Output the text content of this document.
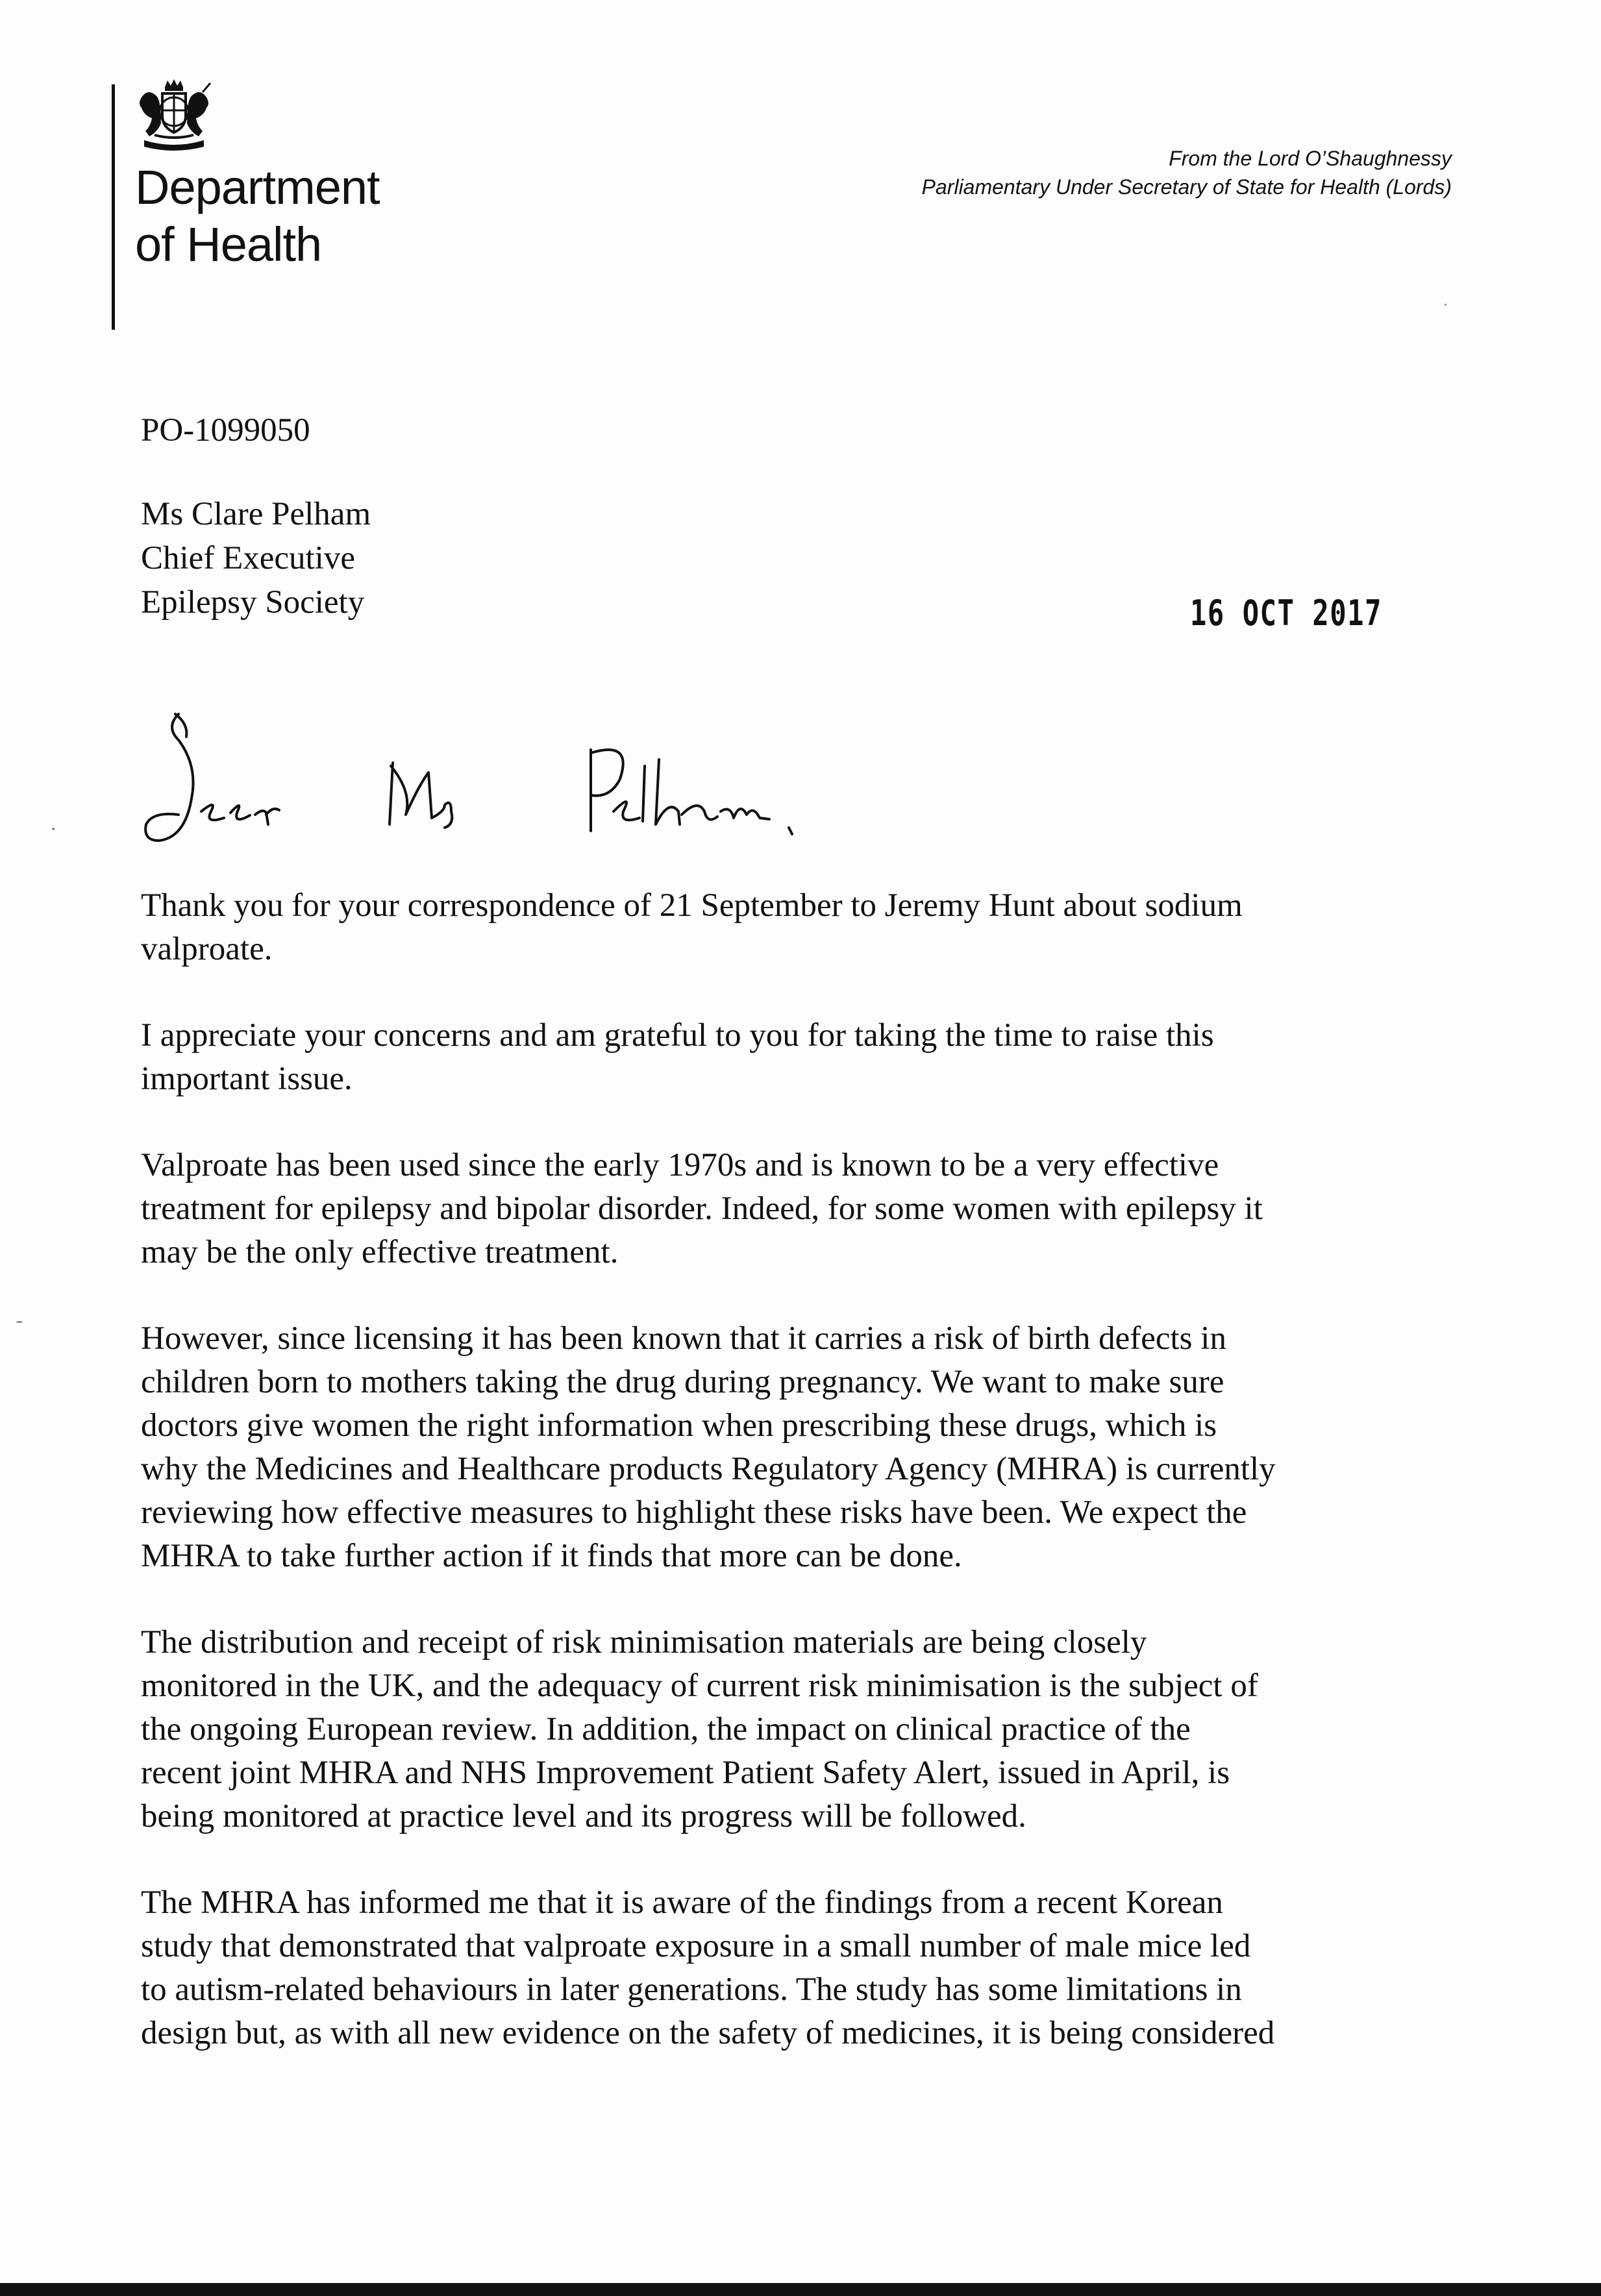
Department
of Health
From the Lord O’Shaughnessy
Parliamentary Under Secretary of State for Health (Lords)
PO-1099050
Ms Clare Pelham
Chief Executive
Epilepsy Society	16 OCT 2017
Thank you for your correspondence of 21 September to Jeremy Hunt about sodium
valproate.
I appreciate your concerns and am grateful to you for taking the time to raise this
important issue.
Valproate has been used since the early 1970s and is known to be a very effective
treatment for epilepsy and bipolar disorder. Indeed, for some women with epilepsy it
may be the only effective treatment.
However, since licensing it has been known that it carries a risk of birth defects in
children born to mothers taking the drug during pregnancy. We want to make sure
doctors give women the right information when prescribing these drugs, which is
why the Medicines and Healthcare products Regulatory Agency (MHRA) is currently
reviewing how effective measures to highlight these risks have been. We expect the
MHRA to take further action if it finds that more can be done.
The distribution and receipt of risk minimisation materials are being closely
monitored in the UK, and the adequacy of current risk minimisation is the subject of
the ongoing European review. In addition, the impact on clinical practice of the
recent joint MHRA and NHS Improvement Patient Safety Alert, issued in April, is
being monitored at practice level and its progress will be followed.
The MHRA has informed me that it is aware of the findings from a recent Korean
study that demonstrated that valproate exposure in a small number of male mice led
to autism-related behaviours in later generations. The study has some limitations in
design but, as with all new evidence on the safety of medicines, it is being considered
